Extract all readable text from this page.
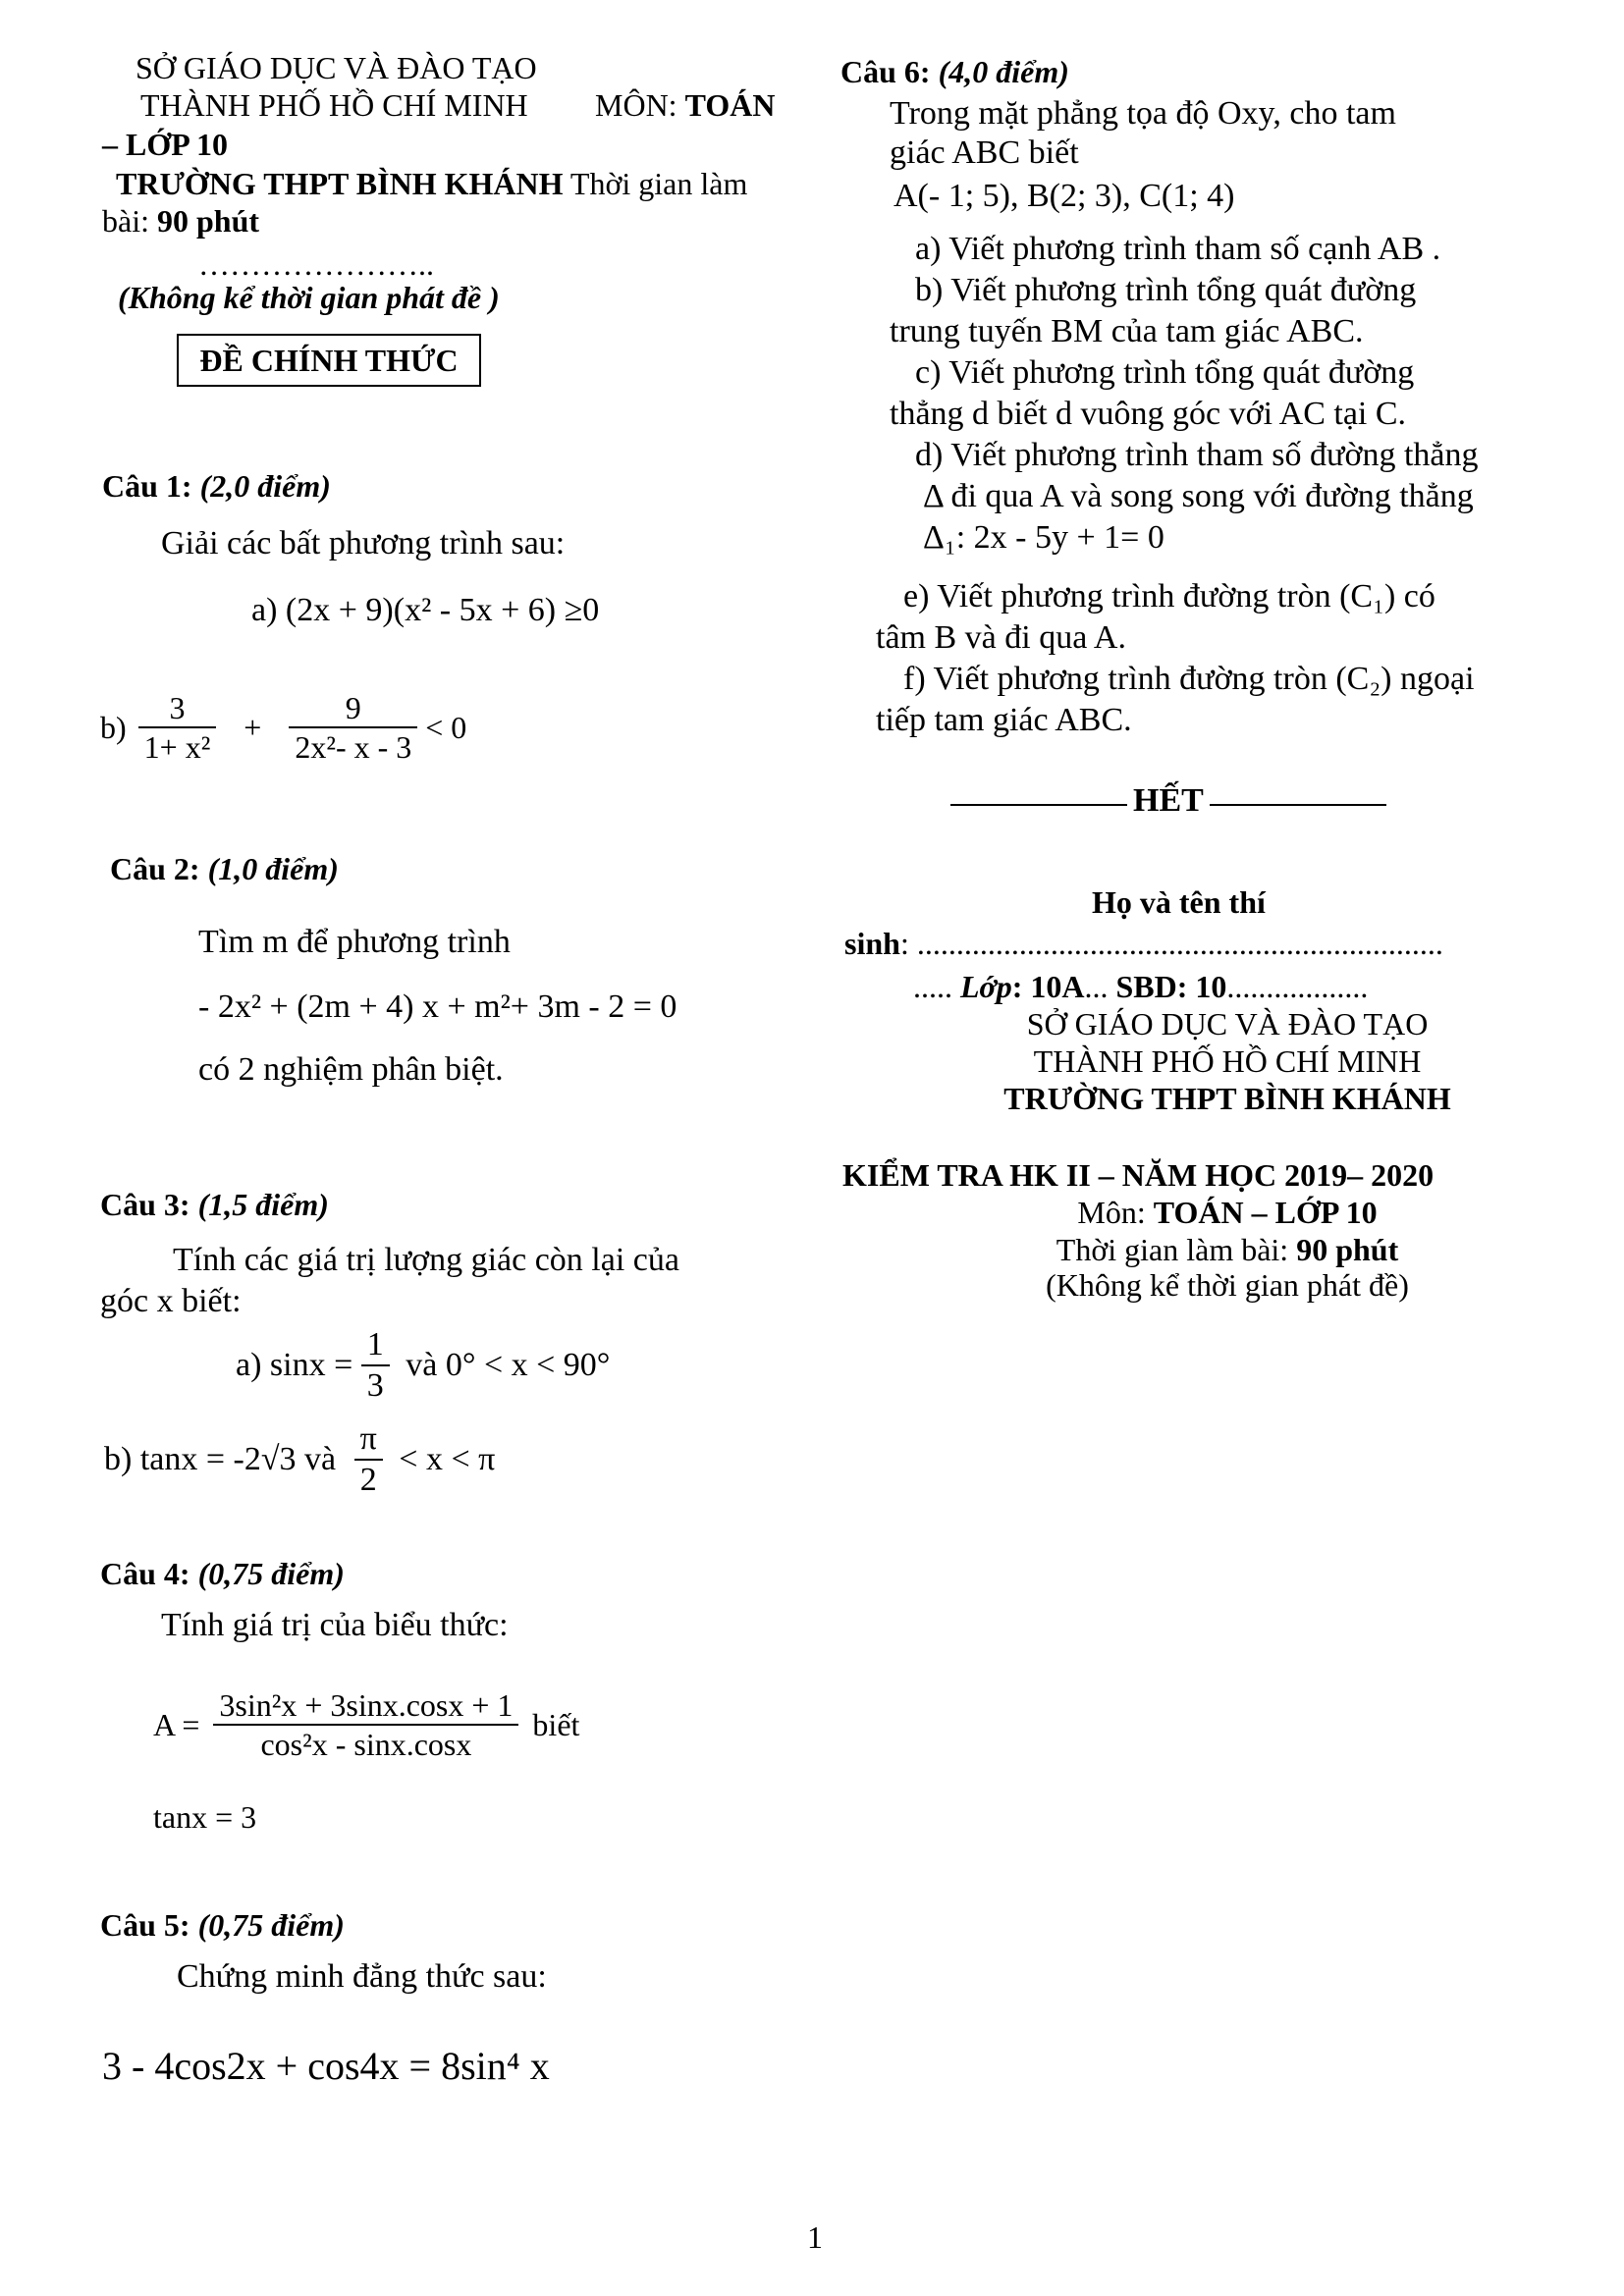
SỞ GIÁO DỤC VÀ ĐÀO TẠO
THÀNH PHỐ HỒ CHÍ MINH MÔN: TOÁN
– LỚP 10
TRƯỜNG THPT BÌNH KHÁNH Thời gian làm
bài: 90 phút
…………………..
(Không kể thời gian phát đề )
ĐỀ CHÍNH THỨC
Câu 1: (2,0 điểm)
Giải các bất phương trình sau:
a) (2x + 9)(x² - 5x + 6) ≥0
$b) \frac{3}{\text{1+ x²}} + \frac{9}{\text{2x²- x - 3}} < 0$
Câu 2: (1,0 điểm)
Tìm m để phương trình
- 2x² + (2m + 4) x + m²+ 3m - 2 = 0
có 2 nghiệm phân biệt.
Câu 3: (1,5 điểm)
Tính các giá trị lượng giác còn lại của
góc x biết:
a) $\sin x = \frac{1}{3}$ và 0° < x < 90°
b) tanx = -2√3 và $\frac{\pi}{2} < x < \pi$
Câu 4: (0,75 điểm)
Tính giá trị của biểu thức:
$A = \frac{\text{3sin²x + 3sinx.cosx + 1}}{\text{cos²x - sinx.cosx}}$ biết
tanx = 3
Câu 5: (0,75 điểm)
Chứng minh đẳng thức sau:
3 - 4cos2x + cos4x = 8sin⁴ x
Câu 6: (4,0 điểm)
Trong mặt phẳng tọa độ Oxy, cho tam
giác ABC biết
A(- 1; 5), B(2; 3), C(1; 4)
a) Viết phương trình tham số cạnh AB .
b) Viết phương trình tổng quát đường
trung tuyến BM của tam giác ABC.
c) Viết phương trình tổng quát đường
thẳng d biết d vuông góc với AC tại C.
d) Viết phương trình tham số đường thẳng
Δ đi qua A và song song với đường thẳng
Δ₁: 2x - 5y + 1= 0
e) Viết phương trình đường tròn (C₁) có
tâm B và đi qua A.
f) Viết phương trình đường tròn (C₂) ngoại
tiếp tam giác ABC.
HẾT
Họ và tên thí
sinh: ...................................................................
..... Lớp: 10A... SBD: 10..................
SỞ GIÁO DỤC VÀ ĐÀO TẠO
THÀNH PHỐ HỒ CHÍ MINH
TRƯỜNG THPT BÌNH KHÁNH
KIỂM TRA HK II – NĂM HỌC 2019– 2020
Môn: TOÁN – LỚP 10
Thời gian làm bài: 90 phút
(Không kể thời gian phát đề)
1
